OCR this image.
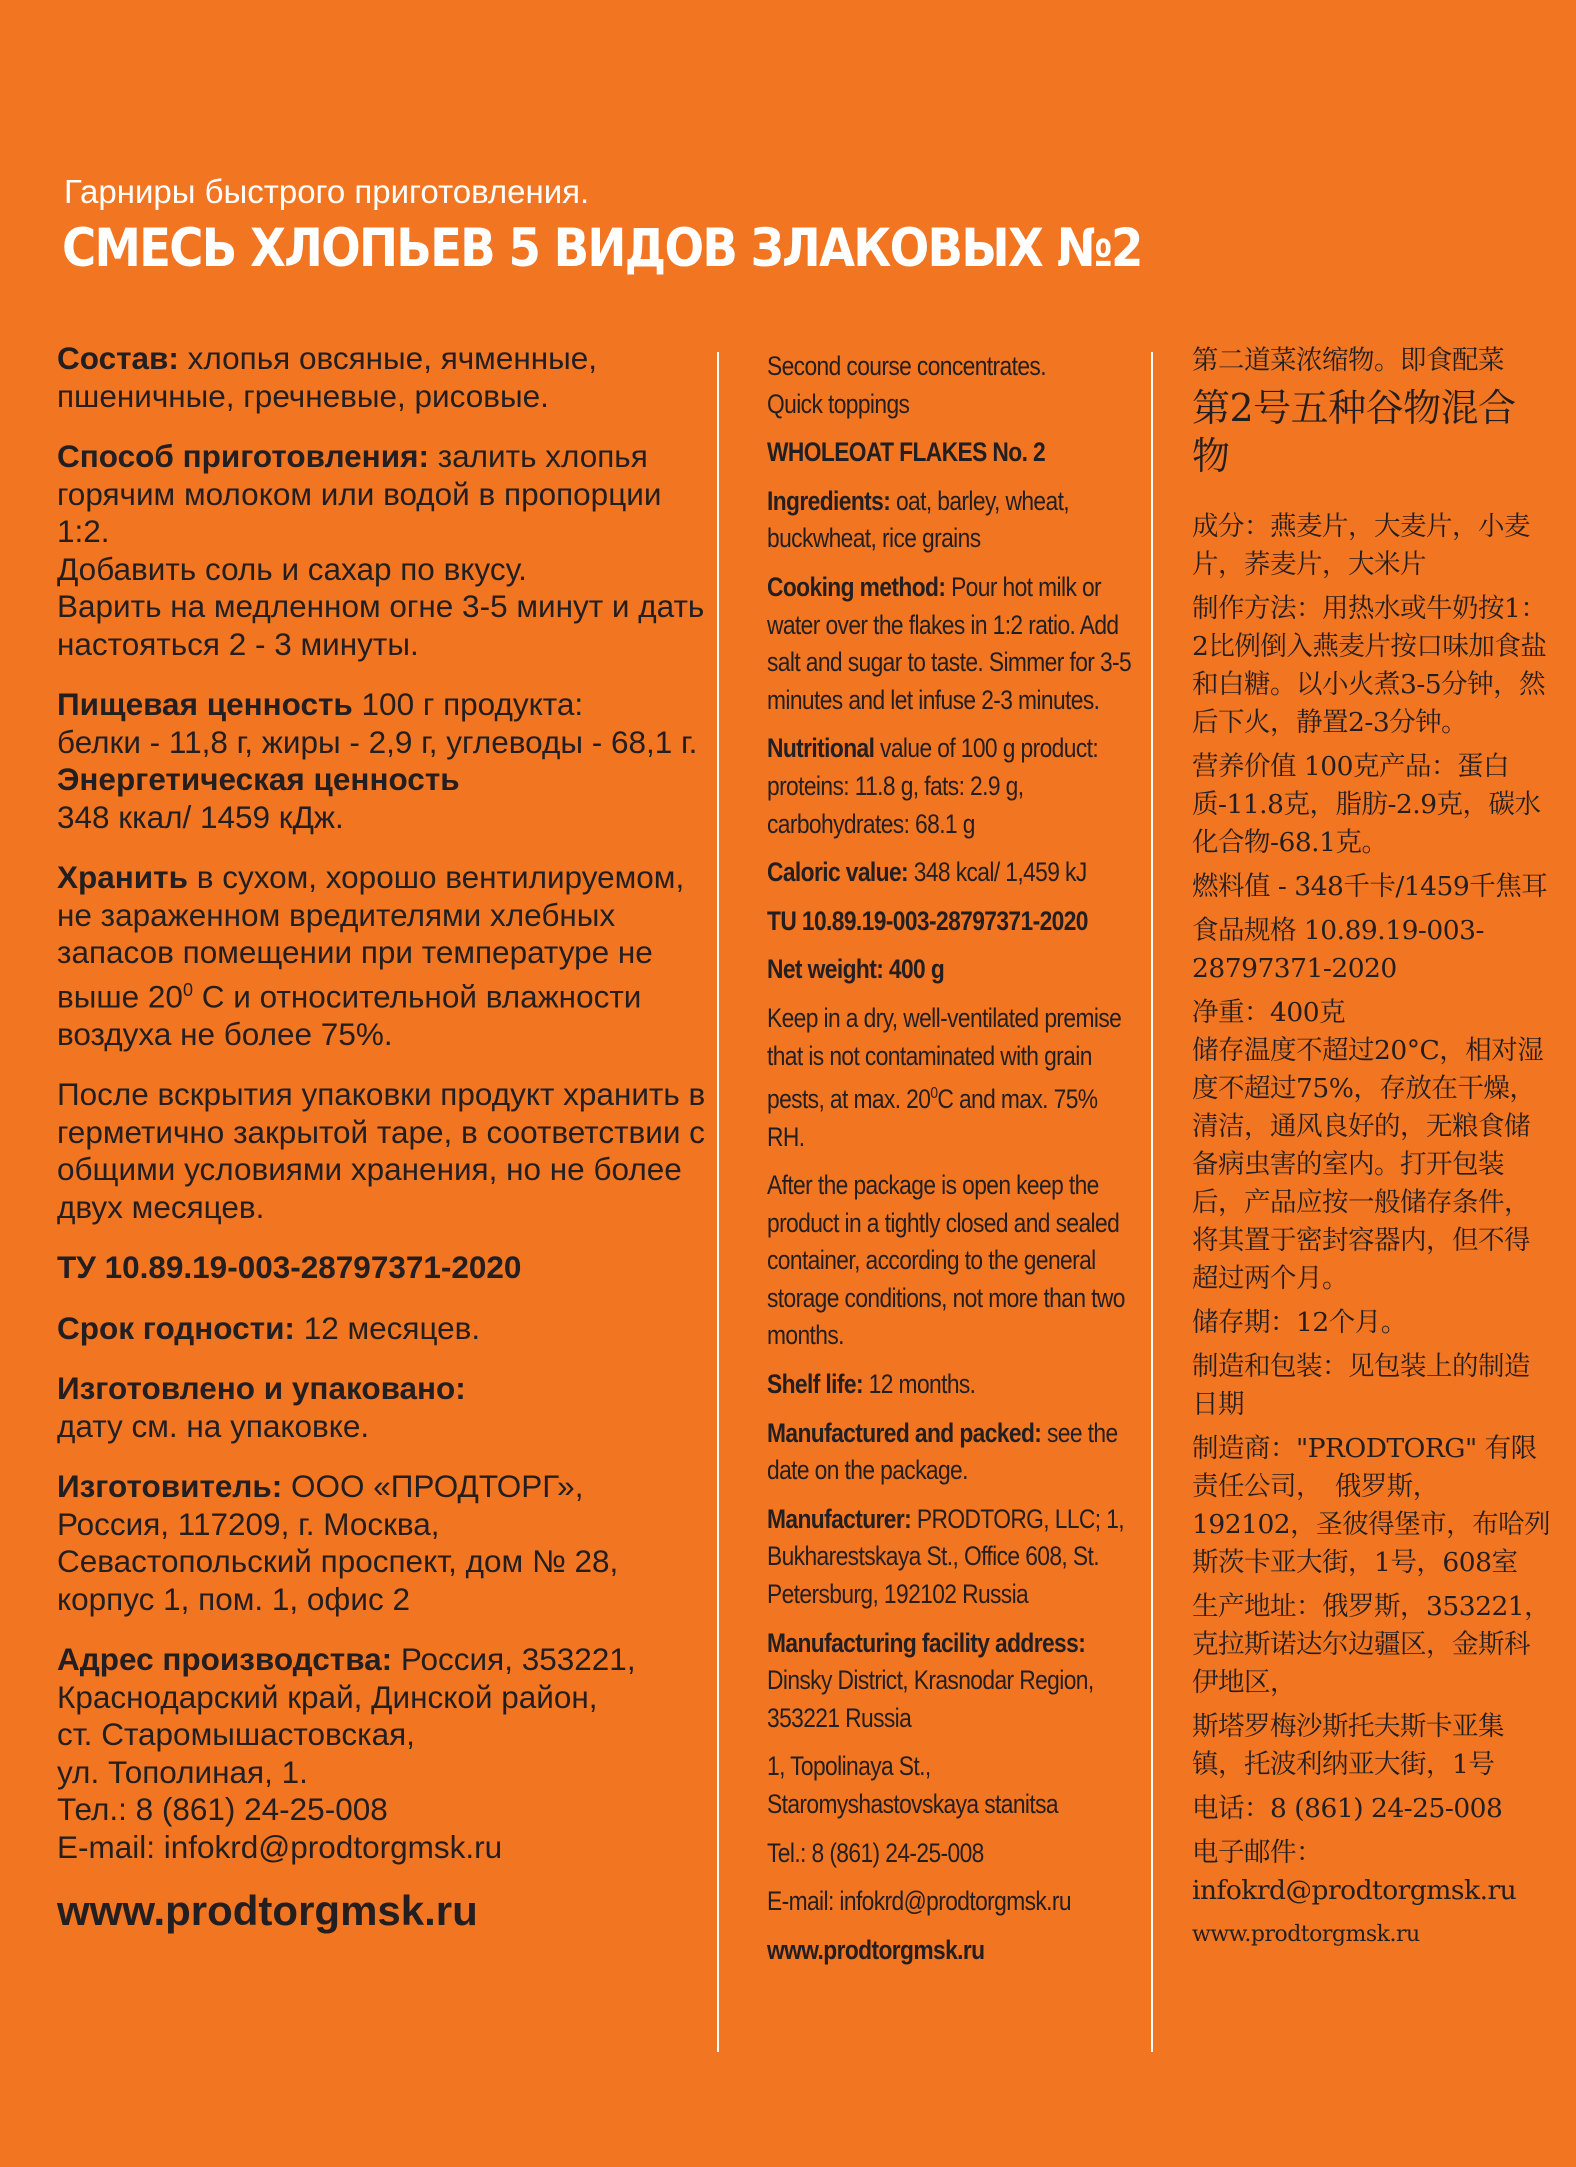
Гарниры быстрого приготовления.
СМЕСЬ ХЛОПЬЕВ 5 ВИДОВ ЗЛАКОВЫХ №2

Состав: хлопья овсяные, ячменные, пшеничные, гречневые, рисовые.

Способ приготовления: залить хлопья горячим молоком или водой в пропорции 1:2.
Добавить соль и сахар по вкусу.
Варить на медленном огне 3-5 минут и дать настояться 2 - 3 минуты.

Пищевая ценность 100 г продукта:
белки - 11,8 г, жиры - 2,9 г, углеводы - 68,1 г.

Энергетическая ценность

348 ккал/ 1459 кДж.

Хранить в сухом, хорошо вентилируемом, не зараженном вредителями хлебных запасов помещении при температуре не выше $20^0$ С и относительной влажности воздуха не более 75%.

После вскрытия упаковки продукт хранить в герметично закрытой таре, в соответствии с общими условиями хранения, но не более двух месяцев.

ТУ 10.89.19-003-28797371-2020

Срок годности: 12 месяцев.

Изготовлено и упаковано:

дату см. на упаковке.

Изготовитель: ООО «ПРОДТОРГ»,
Россия, 117209, г. Москва,
Севастопольский проспект, дом № 28,
корпус 1, пом. 1, офис 2

Адрес производства: Россия, 353221, Краснодарский край, Динской район,
ст. Старомышастовская,
ул. Тополиная, 1.

Тел.: 8 (861) 24-25-008

E-mail: infokrd@prodtorgmsk.ru

www.prodtorgmsk.ru

Second course concentrates.
Quick toppings

WHOLEOAT FLAKES No. 2

Ingredients: oat, barley, wheat, buckwheat, rice grains

Cooking method: Pour hot milk or water over the flakes in 1:2 ratio. Add salt and sugar to taste. Simmer for 3-5 minutes and let infuse 2-3 minutes.

Nutritional value of 100 g product: proteins: 11.8 g, fats: 2.9 g, carbohydrates: 68.1 g

Caloric value: 348 kcal/ 1,459 kJ

TU 10.89.19-003-28797371-2020

Net weight: 400 g

Keep in a dry, well-ventilated premise that is not contaminated with grain pests, at max. $20^0C$ and max. 75% RH.

After the package is open keep the product in a tightly closed and sealed container, according to the general storage conditions, not more than two months.

Shelf life: 12 months.

Manufactured and packed: see the date on the package.

Manufacturer: PRODTORG, LLC; 1, Bukharestskaya St., Office 608, St. Petersburg, 192102 Russia

Manufacturing facility address: Dinsky District, Krasnodar Region, 353221 Russia

1, Topolinaya St.,
Staromyshastovskaya stanitsa

Tel.: 8 (861) 24-25-008

E-mail: infokrd@prodtorgmsk.ru

www.prodtorgmsk.ru

第二道菜浓缩物。即食配菜

第2号五种谷物混合物

成分：燕麦片，大麦片，小麦片，荞麦片，大米片

制作方法：用热水或牛奶按1：2比例倒入燕麦片按口味加食盐和白糖。以小火煮3-5分钟，然后下火，静置2-3分钟。

营养价值 100克产品：蛋白质-11.8克，脂肪-2.9克，碳水化合物-68.1克。

燃料值 - 348千卡/1459千焦耳

食品规格 10.89.19-003-28797371-2020

净重：400克

储存温度不超过20°C，相对湿度不超过75%，存放在干燥，清洁，通风良好的，无粮食储备病虫害的室内。打开包装后，产品应按一般储存条件，将其置于密封容器内，但不得超过两个月。

储存期：12个月。

制造和包装：见包装上的制造日期

制造商："PRODTORG" 有限责任公司，　俄罗斯，192102，圣彼得堡市，布哈列斯茨卡亚大街，1号，608室

生产地址：俄罗斯，353221，克拉斯诺达尔边疆区，金斯科伊地区，

斯塔罗梅沙斯托夫斯卡亚集镇，托波利纳亚大街，1号

电话：8 (861) 24-25-008

电子邮件：infokrd@prodtorgmsk.ru

www.prodtorgmsk.ru
